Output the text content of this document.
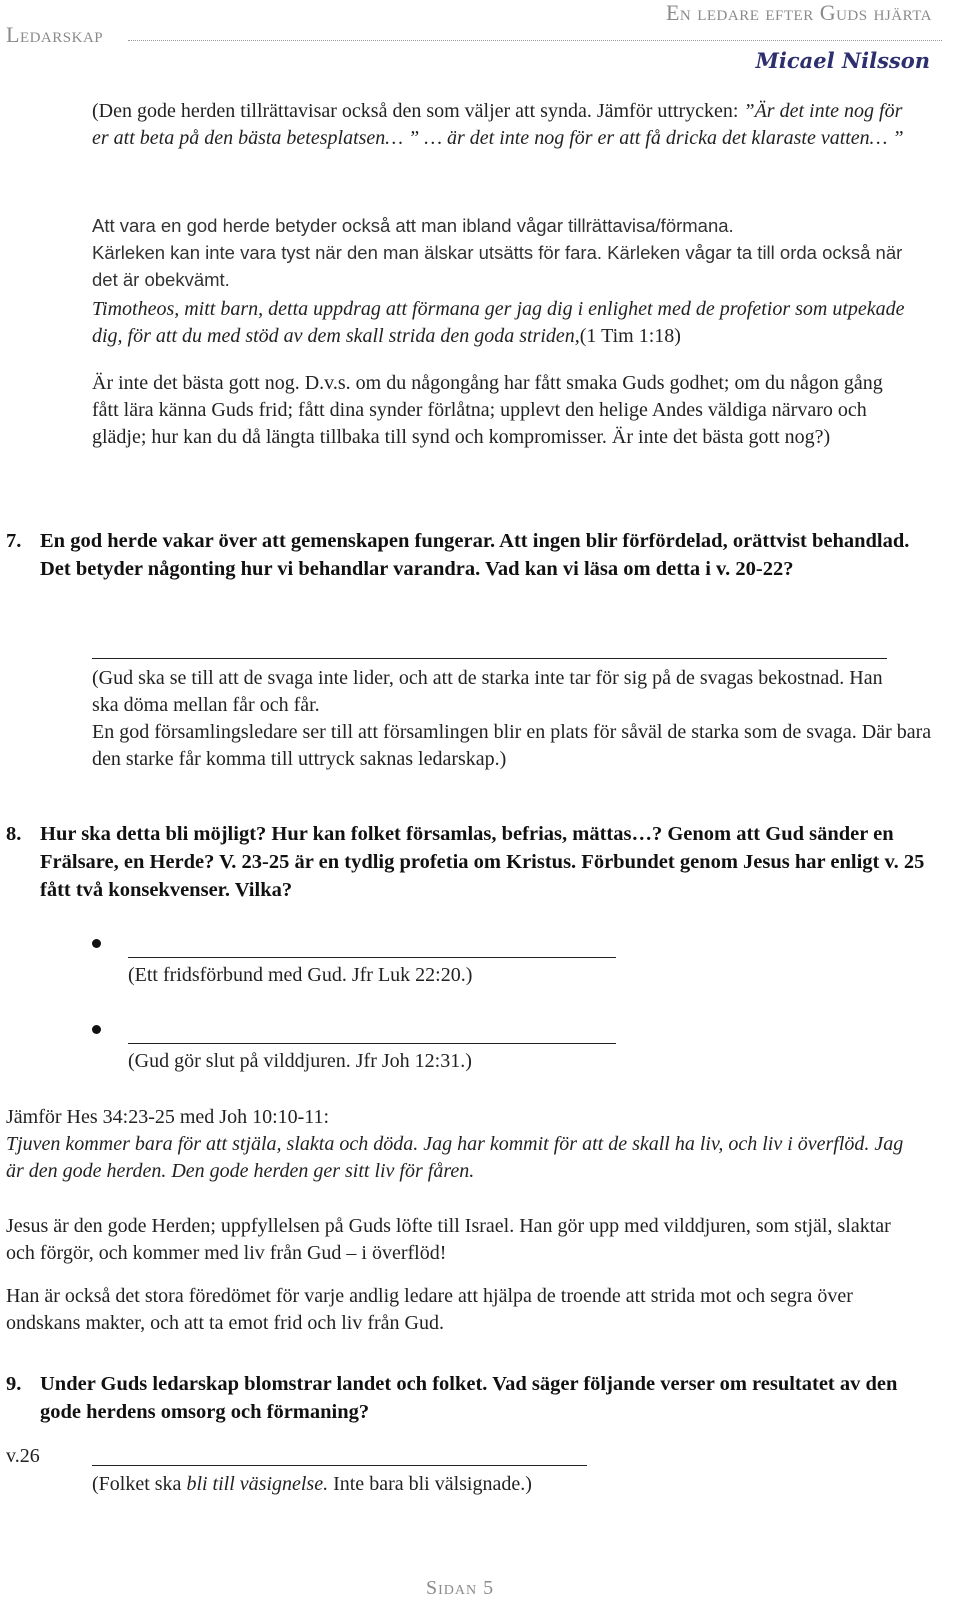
Ledarskap
En ledare efter Guds hjärta
Micael Nilsson
(Den gode herden tillrättavisar också den som väljer att synda. Jämför uttrycken: ”Är det inte nog för er att beta på den bästa betesplatsen… ” … är det inte nog för er att få dricka det klaraste vatten… ”
Att vara en god herde betyder också att man ibland vågar tillrättavisa/förmana.
Kärleken kan inte vara tyst när den man älskar utsätts för fara. Kärleken vågar ta till orda också när det är obekvämt.
Timotheos, mitt barn, detta uppdrag att förmana ger jag dig i enlighet med de profetior som utpekade dig, för att du med stöd av dem skall strida den goda striden,(1 Tim 1:18)
Är inte det bästa gott nog. D.v.s. om du någongång har fått smaka Guds godhet; om du någon gång fått lära känna Guds frid; fått dina synder förlåtna; upplevt den helige Andes väldiga närvaro och glädje; hur kan du då längta tillbaka till synd och kompromisser. Är inte det bästa gott nog?)
7. En god herde vakar över att gemenskapen fungerar. Att ingen blir förfördelad, orättvist behandlad. Det betyder någonting hur vi behandlar varandra. Vad kan vi läsa om detta i v. 20-22?
(Gud ska se till att de svaga inte lider, och att de starka inte tar för sig på de svagas bekostnad. Han ska döma mellan får och får.
En god församlingsledare ser till att församlingen blir en plats för såväl de starka som de svaga. Där bara den starke får komma till uttryck saknas ledarskap.)
8. Hur ska detta bli möjligt? Hur kan folket församlas, befrias, mättas…? Genom att Gud sänder en Frälsare, en Herde? V. 23-25 är en tydlig profetia om Kristus. Förbundet genom Jesus har enligt v. 25 fått två konsekvenser. Vilka?
(Ett fridsförbund med Gud. Jfr Luk 22:20.)
(Gud gör slut på vilddjuren. Jfr Joh 12:31.)
Jämför Hes 34:23-25 med Joh 10:10-11:
Tjuven kommer bara för att stjäla, slakta och döda. Jag har kommit för att de skall ha liv, och liv i överflöd. Jag är den gode herden. Den gode herden ger sitt liv för fåren.
Jesus är den gode Herden; uppfyllelsen på Guds löfte till Israel. Han gör upp med vilddjuren, som stjäl, slaktar och förgör, och kommer med liv från Gud – i överflöd!
Han är också det stora föredömet för varje andlig ledare att hjälpa de troende att strida mot och segra över ondskans makter, och att ta emot frid och liv från Gud.
9. Under Guds ledarskap blomstrar landet och folket. Vad säger följande verser om resultatet av den gode herdens omsorg och förmaning?
v.26
(Folket ska bli till väsignelse. Inte bara bli välsignade.)
Sidan 5
